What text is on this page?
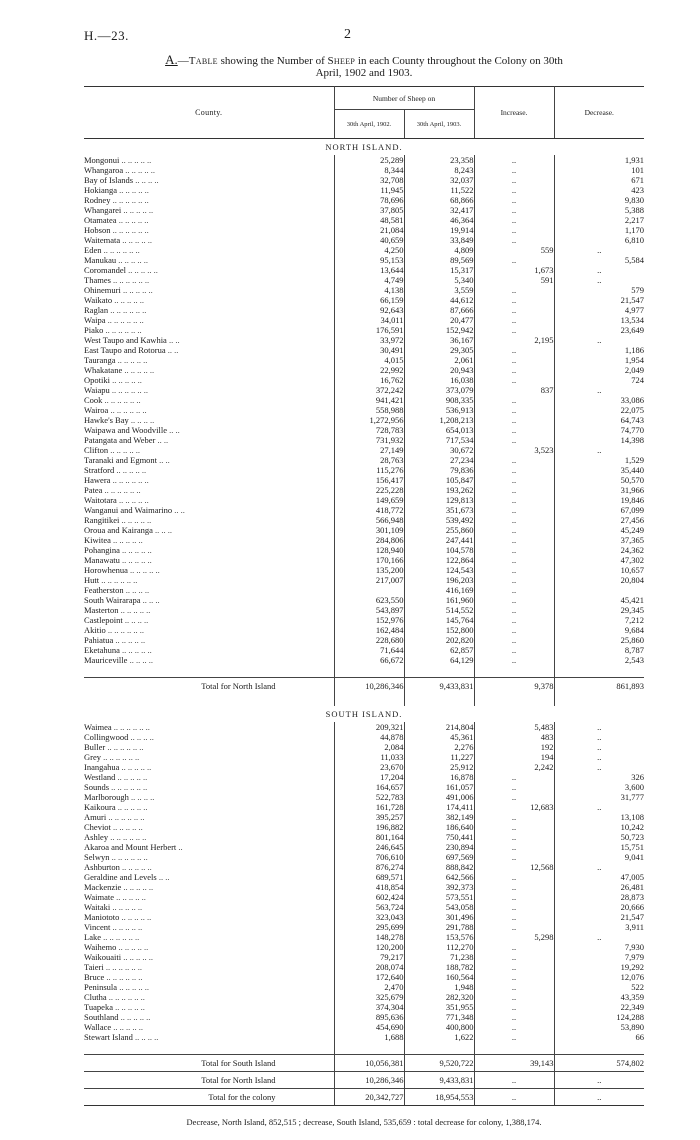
H.—23.	2
A.—Table showing the Number of Sheep in each County throughout the Colony on 30th
April, 1902 and 1903.
County.	Number of Sheep on		Increase.	Decrease.
	30th April, 1902.	30th April, 1903.		
NORTH ISLAND.				
Mongonui .. .. .. .. ..	25,289	23,358	..	1,931
Whangaroa .. .. .. .. ..	8,344	8,243	..	101
Bay of Islands .. .. .. ..	32,708	32,037	..	671
Hokianga .. .. .. .. ..	11,945	11,522	..	423
Rodney .. .. .. .. .. ..	78,696	68,866	..	9,830
Whangarei .. .. .. .. ..	37,805	32,417	..	5,388
Otamatea .. .. .. .. ..	48,581	46,364	..	2,217
Hobson .. .. .. .. .. ..	21,084	19,914	..	1,170
Waitemata .. .. .. .. ..	40,659	33,849	..	6,810
Eden .. .. .. .. .. ..	4,250	4,809	559	..
Manukau .. .. .. .. ..	95,153	89,569	..	5,584
Coromandel .. .. .. .. ..	13,644	15,317	1,673	..
Thames .. .. .. .. .. ..	4,749	5,340	591	..
Ohinemuri .. .. .. .. ..	4,138	3,559	..	579
Waikato .. .. .. .. ..	66,159	44,612	..	21,547
Raglan .. .. .. .. .. ..	92,643	87,666	..	4,977
Waipa .. .. .. .. .. ..	34,011	20,477	..	13,534
Piako .. .. .. .. .. ..	176,591	152,942	..	23,649
West Taupo and Kawhia .. ..	33,972	36,167	2,195	..
East Taupo and Rotorua .. ..	30,491	29,305	..	1,186
Tauranga .. .. .. .. ..	4,015	2,061	..	1,954
Whakatane .. .. .. .. ..	22,992	20,943	..	2,049
Opotiki .. .. .. .. ..	16,762	16,038	..	724
Waiapu .. .. .. .. .. ..	372,242	373,079	837	..
Cook .. .. .. .. .. ..	941,421	908,335	..	33,086
Wairoa .. .. .. .. .. ..	558,988	536,913	..	22,075
Hawke's Bay .. .. .. ..	1,272,956	1,208,213	..	64,743
Waipawa and Woodville .. ..	728,783	654,013	..	74,770
Patangata and Weber .. ..	731,932	717,534	..	14,398
Clifton .. .. .. .. ..	27,149	30,672	3,523	..
Taranaki and Egmont .. ..	28,763	27,234	..	1,529
Stratford .. .. .. .. ..	115,276	79,836	..	35,440
Hawera .. .. .. .. .. ..	156,417	105,847	..	50,570
Patea .. .. .. .. .. ..	225,228	193,262	..	31,966
Waitotara .. .. .. .. ..	149,659	129,813	..	19,846
Wanganui and Waimarino .. ..	418,772	351,673	..	67,099
Rangitikei .. .. .. .. ..	566,948	539,492	..	27,456
Oroua and Kairanga .. .. ..	301,109	255,860	..	45,249
Kiwitea .. .. .. .. ..	284,806	247,441	..	37,365
Pohangina .. .. .. .. ..	128,940	104,578	..	24,362
Manawatu .. .. .. .. ..	170,166	122,864	..	47,302
Horowhenua .. .. .. .. ..	135,200	124,543	..	10,657
Hutt .. .. .. .. .. ..	217,007	196,203	..	20,804
Featherston .. .. .. ..		416,169	..	
South Wairarapa .. .. ..	623,550	161,960	..	45,421
Masterton .. .. .. .. ..	543,897	514,552	..	29,345
Castlepoint .. .. .. ..	152,976	145,764	..	7,212
Akitio .. .. .. .. .. ..	162,484	152,800	..	9,684
Pahiatua .. .. .. .. ..	228,680	202,820	..	25,860
Eketahuna .. .. .. .. ..	71,644	62,857	..	8,787
Mauriceville .. .. .. ..	66,672	64,129	..	2,543

Total for North Island	10,286,346	9,433,831	9,378	861,893

SOUTH ISLAND.				
Waimea .. .. .. .. .. ..	209,321	214,804	5,483	..
Collingwood .. .. .. ..	44,878	45,361	483	..
Buller .. .. .. .. .. ..	2,084	2,276	192	..
Grey .. .. .. .. .. ..	11,033	11,227	194	..
Inangahua .. .. .. .. ..	23,670	25,912	2,242	..
Westland .. .. .. .. ..	17,204	16,878	..	326
Sounds .. .. .. .. .. ..	164,657	161,057	..	3,600
Marlborough .. .. .. ..	522,783	491,006	..	31,777
Kaikoura .. .. .. .. ..	161,728	174,411	12,683	..
Amuri .. .. .. .. .. ..	395,257	382,149	..	13,108
Cheviot .. .. .. .. ..	196,882	186,640	..	10,242
Ashley .. .. .. .. .. ..	801,164	750,441	..	50,723
Akaroa and Mount Herbert ..	246,645	230,894	..	15,751
Selwyn .. .. .. .. .. ..	706,610	697,569	..	9,041
Ashburton .. .. .. .. ..	876,274	888,842	12,568	..
Geraldine and Levels .. ..	689,571	642,566	..	47,005
Mackenzie .. .. .. .. ..	418,854	392,373	..	26,481
Waimate .. .. .. .. ..	602,424	573,551	..	28,873
Waitaki .. .. .. .. ..	563,724	543,058	..	20,666
Maniototo .. .. .. .. ..	323,043	301,496	..	21,547
Vincent .. .. .. .. ..	295,699	291,788	..	3,911
Lake .. .. .. .. .. ..	148,278	153,576	5,298	..
Waihemo .. .. .. .. ..	120,200	112,270	..	7,930
Waikouaiti .. .. .. .. ..	79,217	71,238	..	7,979
Taieri .. .. .. .. .. ..	208,074	188,782	..	19,292
Bruce .. .. .. .. .. ..	172,640	160,564	..	12,076
Peninsula .. .. .. .. ..	2,470	1,948	..	522
Clutha .. .. .. .. .. ..	325,679	282,320	..	43,359
Tuapeka .. .. .. .. ..	374,304	351,955	..	22,349
Southland .. .. .. .. ..	895,636	771,348	..	124,288
Wallace .. .. .. .. ..	454,690	400,800	..	53,890
Stewart Island .. .. .. ..	1,688	1,622	..	66

Total for South Island	10,056,381	9,520,722	39,143	574,802
Total for North Island	10,286,346	9,433,831	..	..
Total for the colony	20,342,727	18,954,553	..	..
Decrease, North Island, 852,515 ; decrease, South Island, 535,659 : total decrease for colony, 1,388,174.
